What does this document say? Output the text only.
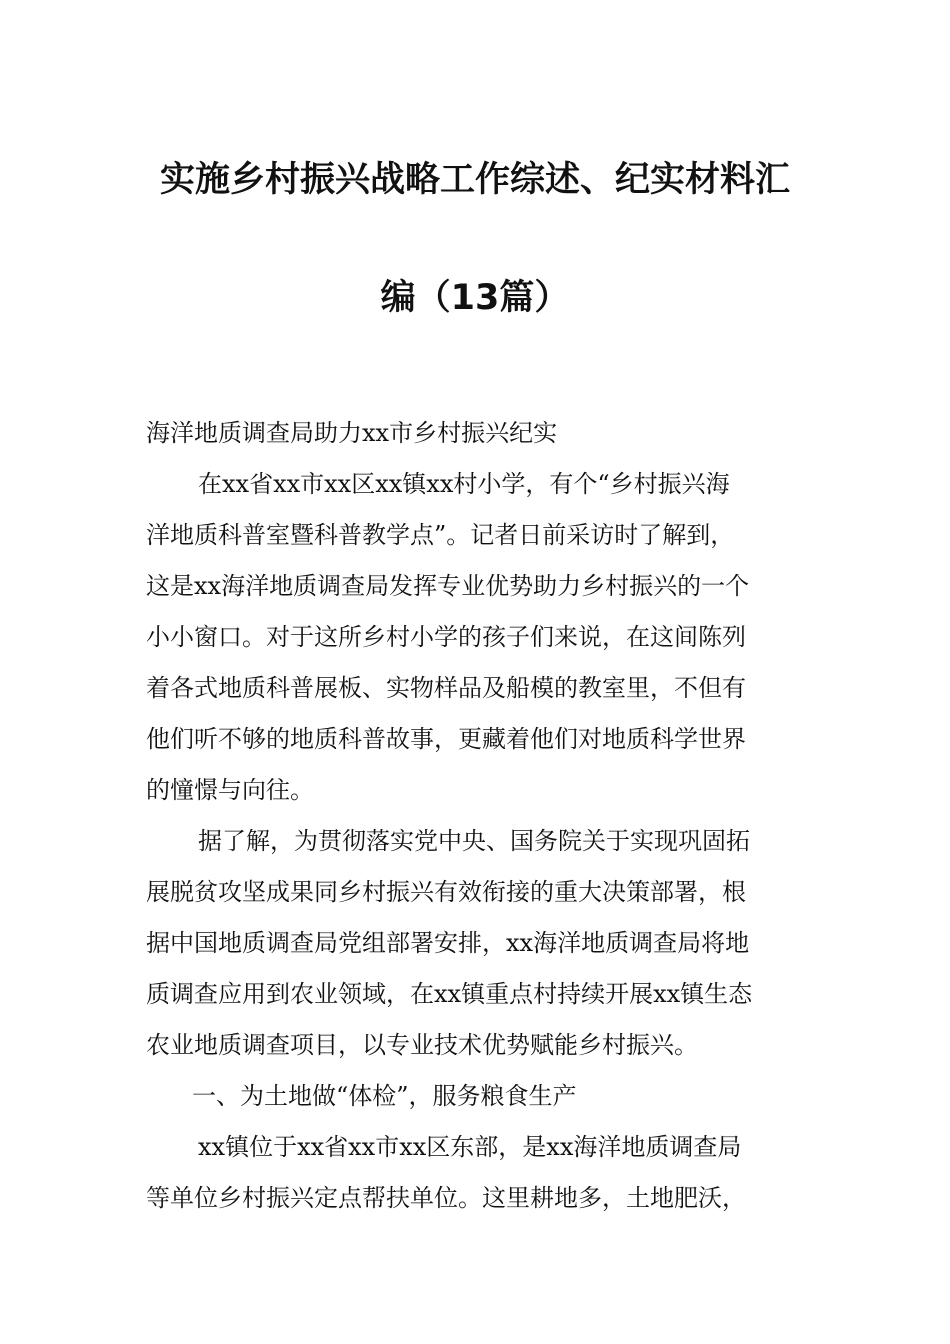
实施乡村振兴战略工作综述、纪实材料汇
编（13篇）
海洋地质调查局助力xx市乡村振兴纪实
在xx省xx市xx区xx镇xx村小学，有个“乡村振兴海
洋地质科普室暨科普教学点”。记者日前采访时了解到，
这是xx海洋地质调查局发挥专业优势助力乡村振兴的一个
小小窗口。对于这所乡村小学的孩子们来说，在这间陈列
着各式地质科普展板、实物样品及船模的教室里，不但有
他们听不够的地质科普故事，更藏着他们对地质科学世界
的憧憬与向往。
据了解，为贯彻落实党中央、国务院关于实现巩固拓
展脱贫攻坚成果同乡村振兴有效衔接的重大决策部署，根
据中国地质调查局党组部署安排，xx海洋地质调查局将地
质调查应用到农业领域，在xx镇重点村持续开展xx镇生态
农业地质调查项目，以专业技术优势赋能乡村振兴。
一、为土地做“体检”，服务粮食生产
xx镇位于xx省xx市xx区东部，是xx海洋地质调查局
等单位乡村振兴定点帮扶单位。这里耕地多，土地肥沃，
